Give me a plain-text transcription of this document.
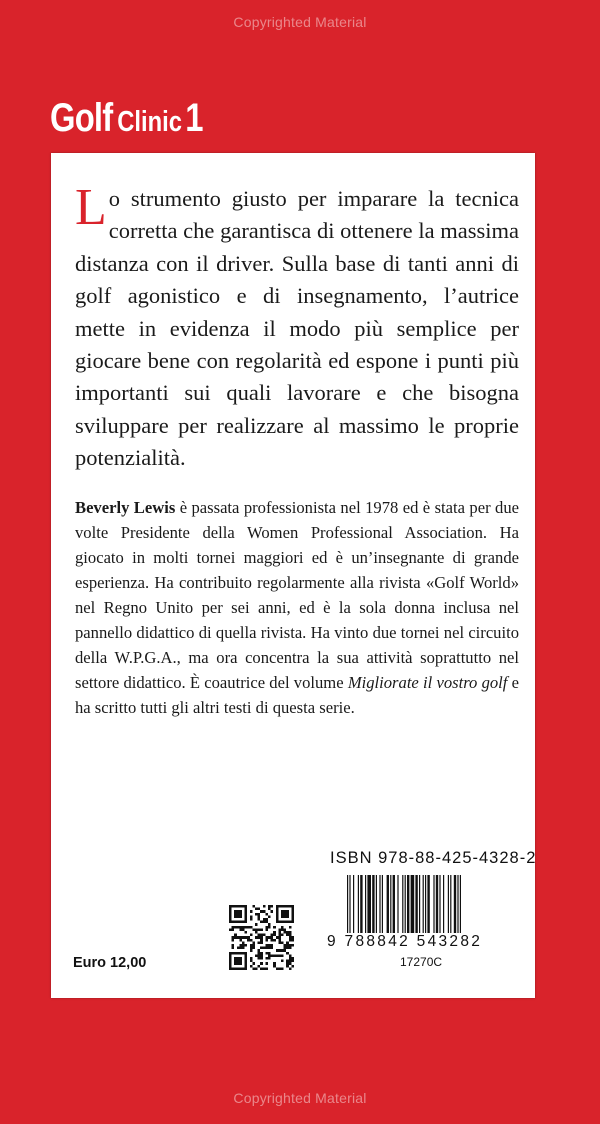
Copyrighted Material
Golf Clinic1

Lo strumento giusto per imparare la tecnica corretta che garantisca di ottenere la massima distanza con il driver. Sulla base di tanti anni di golf agonistico e di insegnamento, l’autrice mette in evidenza il modo più semplice per giocare bene con regolarità ed espone i punti più importanti sui quali lavorare e che bisogna sviluppare per realizzare al massimo le proprie potenzialità.

Beverly Lewis è passata professionista nel 1978 ed è stata per due volte Presidente della Women Professional Association. Ha giocato in molti tornei maggiori ed è un’insegnante di grande esperienza. Ha contribuito regolarmente alla rivista «Golf World» nel Regno Unito per sei anni, ed è la sola donna inclusa nel pannello didattico di quella rivista. Ha vinto due tornei nel circuito della W.P.G.A., ma ora concentra la sua attività soprattutto nel settore didattico. È coautrice del volume Migliorate il vostro golf e ha scritto tutti gli altri testi di questa serie.

ISBN 978-88-425-4328-2
9 788842 543282
17270C
Euro 12,00
Copyrighted Material
